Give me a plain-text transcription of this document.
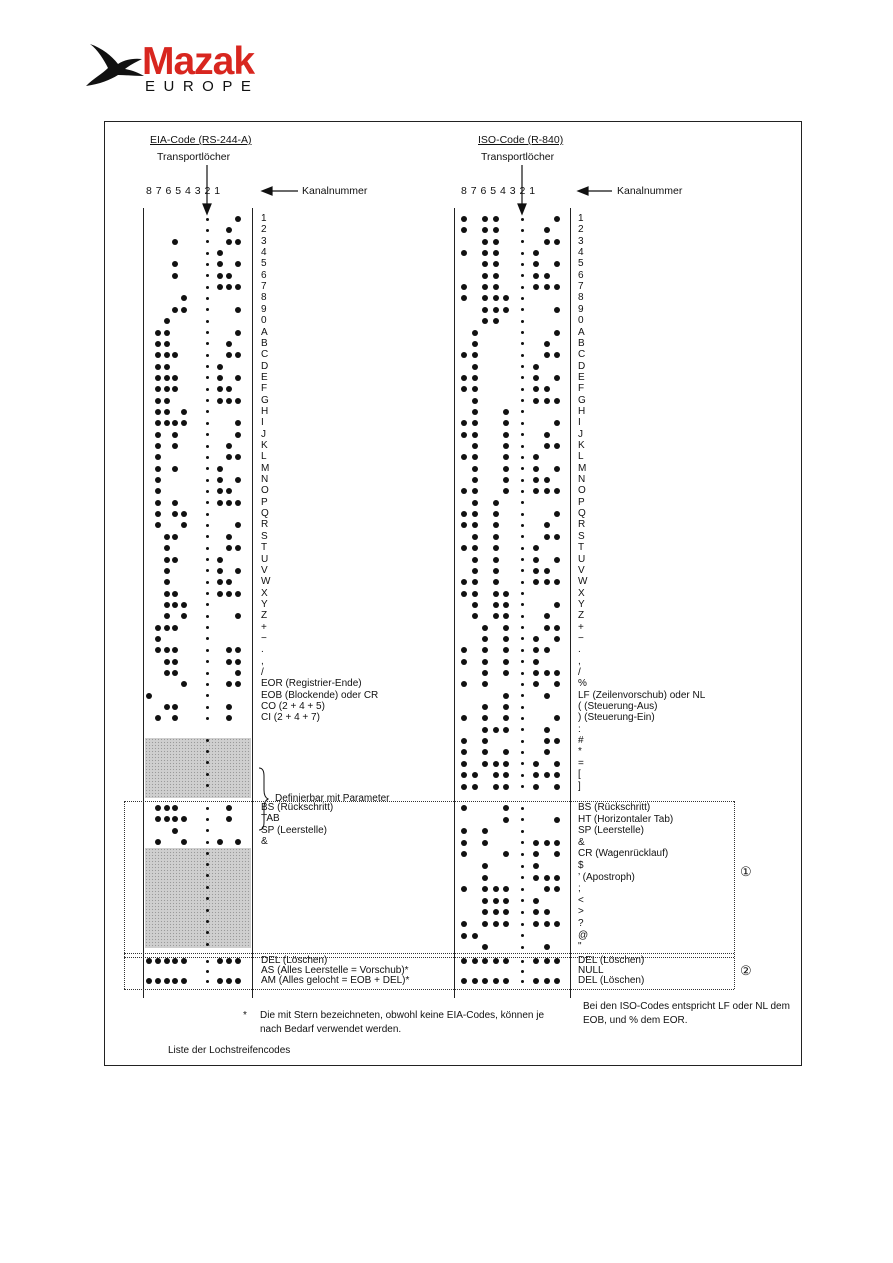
Mazak
EUROPE
EIA-Code (RS-244-A)
Transportlöcher
8 7 6 5 4 3 2 1	Kanalnummer
ISO-Code (R-840)
Transportlöcher
8 7 6 5 4 3 2 1	Kanalnummer
Definierbar mit Parameter
①
②
1
2
3
4
5
6
7
8
9
0
A
B
C
D
E
F
G
H
I
J
K
L
M
N
O
P
Q
R
S
T
U
V
W
X
Y
Z
+
−
.
,
/
EOR (Registrier-Ende)
EOB (Blockende) oder CR
CO (2 + 4 + 5)
CI (2 + 4 + 7)
BS (Rückschritt)
TAB
SP (Leerstelle)
&
DEL (Löschen)
AS (Alles Leerstelle = Vorschub)*
AM (Alles gelocht = EOB + DEL)*
1
2
3
4
5
6
7
8
9
0
A
B
C
D
E
F
G
H
I
J
K
L
M
N
O
P
Q
R
S
T
U
V
W
X
Y
Z
+
−
.
,
/
%
LF (Zeilenvorschub) oder NL
( (Steuerung-Aus)
) (Steuerung-Ein)
:
#
*
=
[
]
BS (Rückschritt)
HT (Horizontaler Tab)
SP (Leerstelle)
&
CR (Wagenrücklauf)
$
’ (Apostroph)
;
<
>
?
@
"
DEL (Löschen)
NULL
DEL (Löschen)
* Die mit Stern bezeichneten, obwohl keine EIA-Codes, können je nach Bedarf verwendet werden.
Bei den ISO-Codes entspricht LF oder NL dem EOB, und % dem EOR.
Liste der Lochstreifencodes
